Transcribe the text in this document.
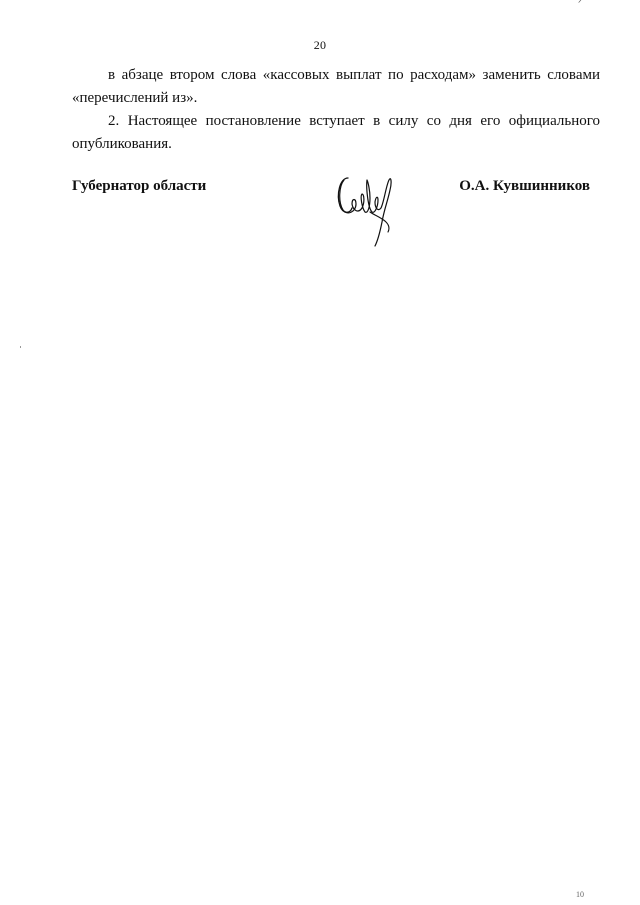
ᐟ
20
в абзаце втором слова «кассовых выплат по расходам» заменить словами
«перечислений из».
2. Настоящее постановление вступает в силу со дня его официального
опубликования.
Губернатор области	О.А. Кувшинников
10
